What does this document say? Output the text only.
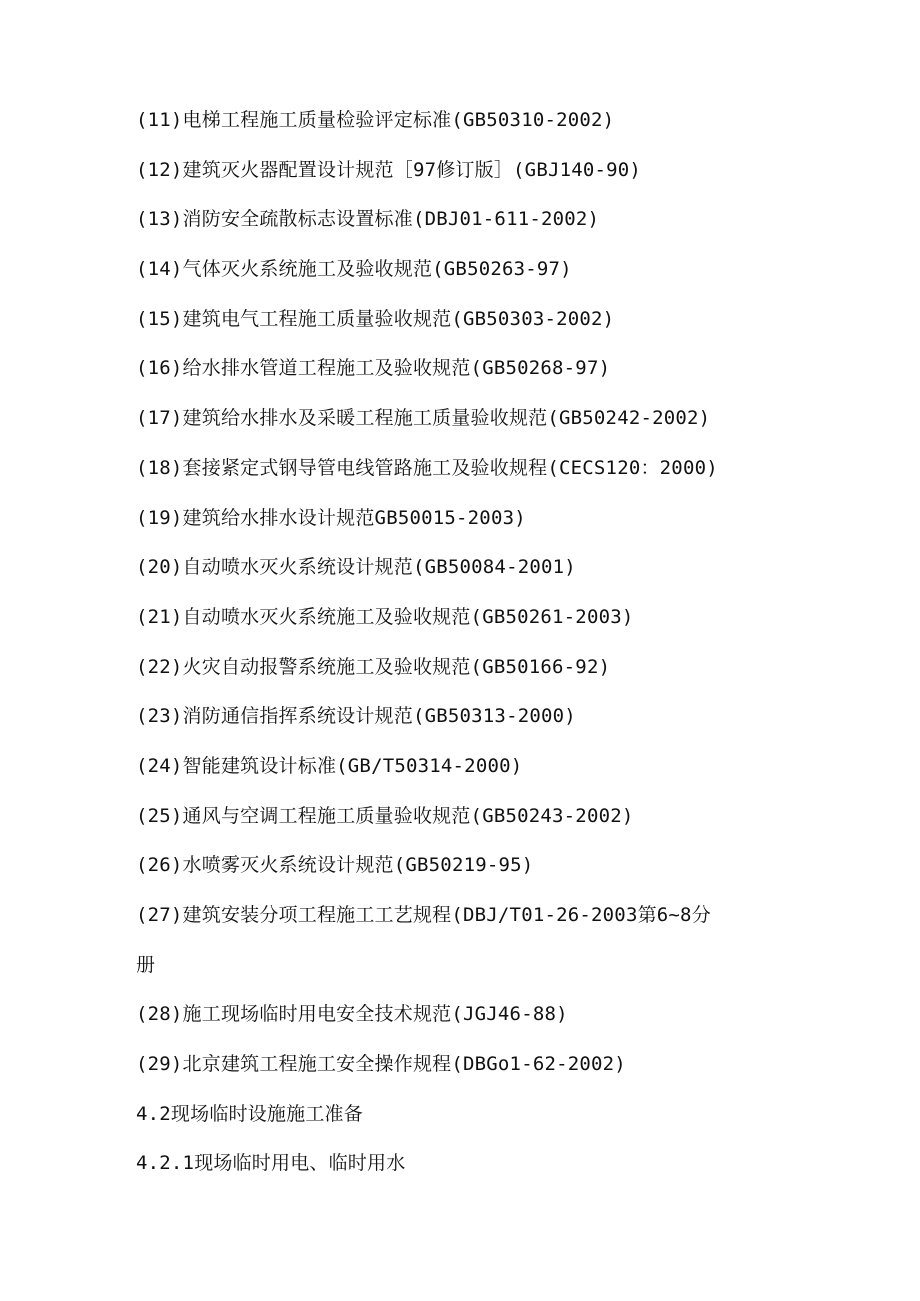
(11)电梯工程施工质量检验评定标准(GB50310-2002)
(12)建筑灭火器配置设计规范［97修订版］(GBJ140-90)
(13)消防安全疏散标志设置标准(DBJ01-611-2002)
(14)气体灭火系统施工及验收规范(GB50263-97)
(15)建筑电气工程施工质量验收规范(GB50303-2002)
(16)给水排水管道工程施工及验收规范(GB50268-97)
(17)建筑给水排水及采暖工程施工质量验收规范(GB50242-2002)
(18)套接紧定式钢导管电线管路施工及验收规程(CECS120：2000)
(19)建筑给水排水设计规范GB50015-2003)
(20)自动喷水灭火系统设计规范(GB50084-2001)
(21)自动喷水灭火系统施工及验收规范(GB50261-2003)
(22)火灾自动报警系统施工及验收规范(GB50166-92)
(23)消防通信指挥系统设计规范(GB50313-2000)
(24)智能建筑设计标准(GB/T50314-2000)
(25)通风与空调工程施工质量验收规范(GB50243-2002)
(26)水喷雾灭火系统设计规范(GB50219-95)
(27)建筑安装分项工程施工工艺规程(DBJ/T01-26-2003第6~8分
册
(28)施工现场临时用电安全技术规范(JGJ46-88)
(29)北京建筑工程施工安全操作规程(DBGo1-62-2002)
4.2现场临时设施施工准备
4.2.1现场临时用电、临时用水
